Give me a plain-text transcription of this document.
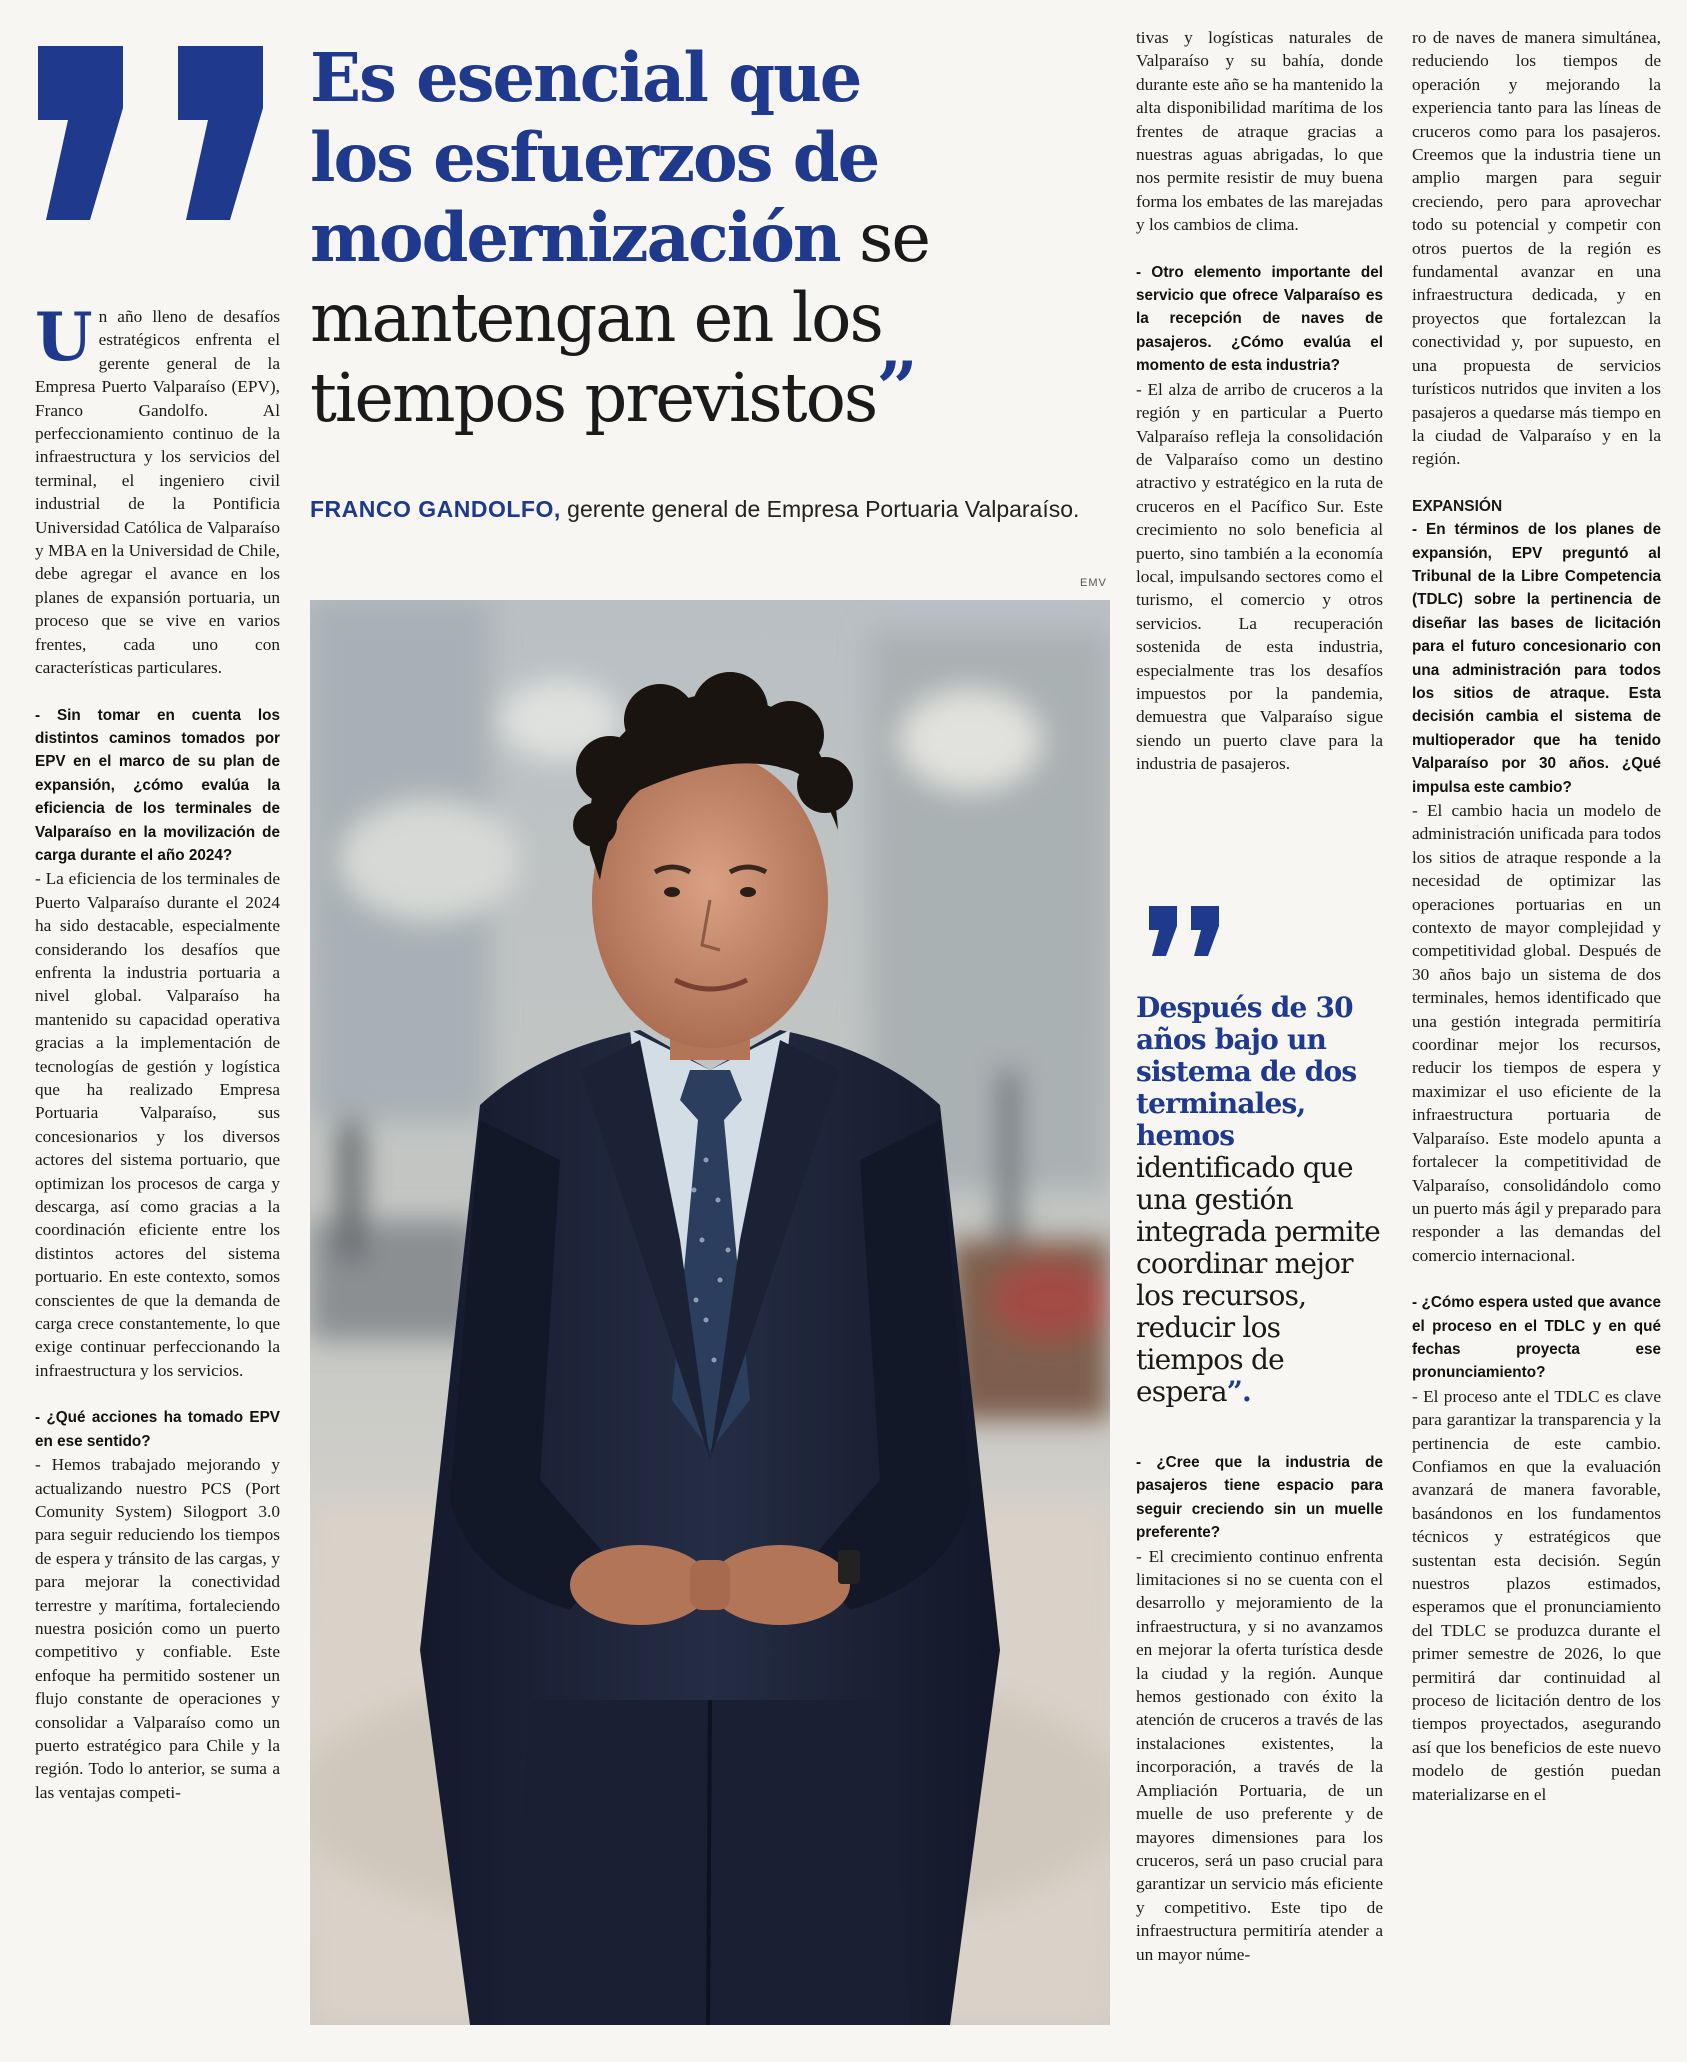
Es esencial que
los esfuerzos de
modernización se
mantengan en los
tiempos previstos”
FRANCO GANDOLFO, gerente general de Empresa Portuaria Valparaíso.
EMV

Un año lleno de desafíos estratégicos enfrenta el gerente general de la Empresa Puerto Valparaíso (EPV), Franco Gandolfo. Al perfeccionamiento continuo de la infraestructura y los servicios del terminal, el ingeniero civil industrial de la Pontificia Universidad Católica de Valparaíso y MBA en la Universidad de Chile, debe agregar el avance en los planes de expansión portuaria, un proceso que se vive en varios frentes, cada uno con características particulares.

- Sin tomar en cuenta los distintos caminos tomados por EPV en el marco de su plan de expansión, ¿cómo evalúa la eficiencia de los terminales de Valparaíso en la movilización de carga durante el año 2024?

- La eficiencia de los terminales de Puerto Valparaíso durante el 2024 ha sido destacable, especialmente considerando los desafíos que enfrenta la industria portuaria a nivel global. Valparaíso ha mantenido su capacidad operativa gracias a la implementación de tecnologías de gestión y logística que ha realizado Empresa Portuaria Valparaíso, sus concesionarios y los diversos actores del sistema portuario, que optimizan los procesos de carga y descarga, así como gracias a la coordinación eficiente entre los distintos actores del sistema portuario. En este contexto, somos conscientes de que la demanda de carga crece constantemente, lo que exige continuar perfeccionando la infraestructura y los servicios.

- ¿Qué acciones ha tomado EPV en ese sentido?

- Hemos trabajado mejorando y actualizando nuestro PCS (Port Comunity System) Silogport 3.0 para seguir reduciendo los tiempos de espera y tránsito de las cargas, y para mejorar la conectividad terrestre y marítima, fortaleciendo nuestra posición como un puerto competitivo y confiable. Este enfoque ha permitido sostener un flujo constante de operaciones y consolidar a Valparaíso como un puerto estratégico para Chile y la región. Todo lo anterior, se suma a las ventajas competi-

tivas y logísticas naturales de Valparaíso y su bahía, donde durante este año se ha mantenido la alta disponibilidad marítima de los frentes de atraque gracias a nuestras aguas abrigadas, lo que nos permite resistir de muy buena forma los embates de las marejadas y los cambios de clima.

- Otro elemento importante del servicio que ofrece Valparaíso es la recepción de naves de pasajeros. ¿Cómo evalúa el momento de esta industria?

- El alza de arribo de cruceros a la región y en particular a Puerto Valparaíso refleja la consolidación de Valparaíso como un destino atractivo y estratégico en la ruta de cruceros en el Pacífico Sur. Este crecimiento no solo beneficia al puerto, sino también a la economía local, impulsando sectores como el turismo, el comercio y otros servicios. La recuperación sostenida de esta industria, especialmente tras los desafíos impuestos por la pandemia, demuestra que Valparaíso sigue siendo un puerto clave para la industria de pasajeros.

Después de 30 años bajo un sistema de dos terminales, hemos identificado que una gestión integrada permite coordinar mejor los recursos, reducir los tiempos de espera”.

- ¿Cree que la industria de pasajeros tiene espacio para seguir creciendo sin un muelle preferente?

- El crecimiento continuo enfrenta limitaciones si no se cuenta con el desarrollo y mejoramiento de la infraestructura, y si no avanzamos en mejorar la oferta turística desde la ciudad y la región. Aunque hemos gestionado con éxito la atención de cruceros a través de las instalaciones existentes, la incorporación, a través de la Ampliación Portuaria, de un muelle de uso preferente y de mayores dimensiones para los cruceros, será un paso crucial para garantizar un servicio más eficiente y competitivo. Este tipo de infraestructura permitiría atender a un mayor núme-

ro de naves de manera simultánea, reduciendo los tiempos de operación y mejorando la experiencia tanto para las líneas de cruceros como para los pasajeros. Creemos que la industria tiene un amplio margen para seguir creciendo, pero para aprovechar todo su potencial y competir con otros puertos de la región es fundamental avanzar en una infraestructura dedicada, y en proyectos que fortalezcan la conectividad y, por supuesto, en una propuesta de servicios turísticos nutridos que inviten a los pasajeros a quedarse más tiempo en la ciudad de Valparaíso y en la región.

EXPANSIÓN

- En términos de los planes de expansión, EPV preguntó al Tribunal de la Libre Competencia (TDLC) sobre la pertinencia de diseñar las bases de licitación para el futuro concesionario con una administración para todos los sitios de atraque. Esta decisión cambia el sistema de multioperador que ha tenido Valparaíso por 30 años. ¿Qué impulsa este cambio?

- El cambio hacia un modelo de administración unificada para todos los sitios de atraque responde a la necesidad de optimizar las operaciones portuarias en un contexto de mayor complejidad y competitividad global. Después de 30 años bajo un sistema de dos terminales, hemos identificado que una gestión integrada permitiría coordinar mejor los recursos, reducir los tiempos de espera y maximizar el uso eficiente de la infraestructura portuaria de Valparaíso. Este modelo apunta a fortalecer la competitividad de Valparaíso, consolidándolo como un puerto más ágil y preparado para responder a las demandas del comercio internacional.

- ¿Cómo espera usted que avance el proceso en el TDLC y en qué fechas proyecta ese pronunciamiento?

- El proceso ante el TDLC es clave para garantizar la transparencia y la pertinencia de este cambio. Confiamos en que la evaluación avanzará de manera favorable, basándonos en los fundamentos técnicos y estratégicos que sustentan esta decisión. Según nuestros plazos estimados, esperamos que el pronunciamiento del TDLC se produzca durante el primer semestre de 2026, lo que permitirá dar continuidad al proceso de licitación dentro de los tiempos proyectados, asegurando así que los beneficios de este nuevo modelo de gestión puedan materializarse en el
